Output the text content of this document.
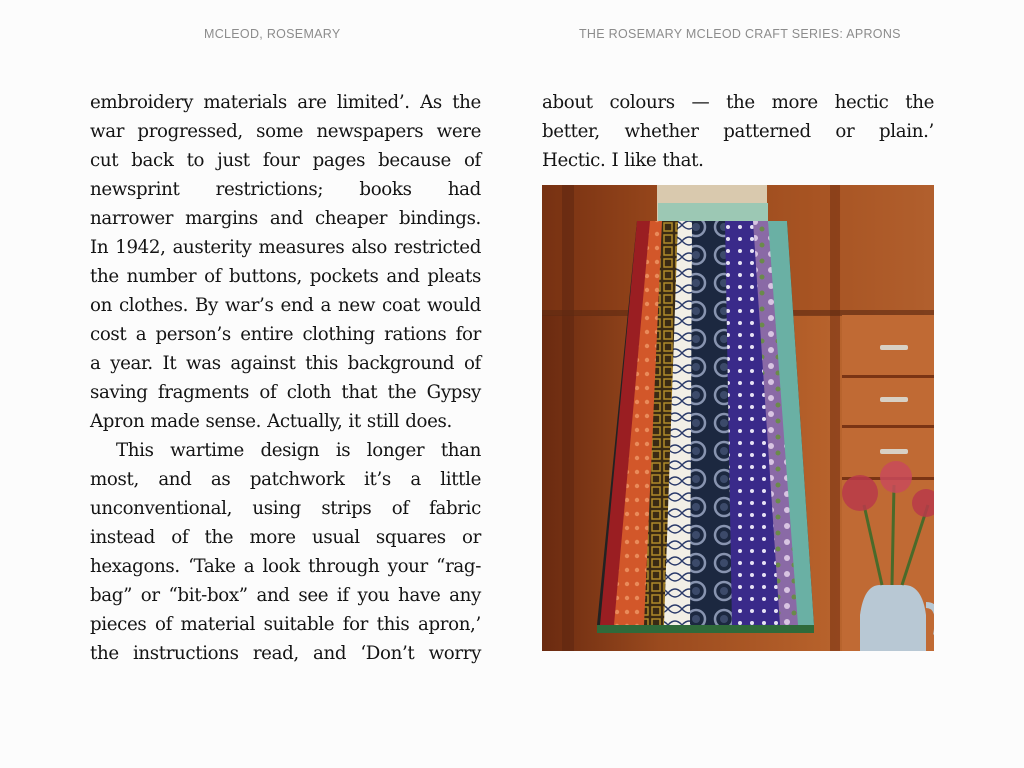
MCLEOD, ROSEMARY	THE ROSEMARY MCLEOD CRAFT SERIES: APRONS
embroidery materials are limited’. As the
war progressed, some newspapers were
cut back to just four pages because of
newsprint restrictions; books had
narrower margins and cheaper bindings.
In 1942, austerity measures also restricted
the number of buttons, pockets and pleats
on clothes. By war’s end a new coat would
cost a person’s entire clothing rations for
a year. It was against this background of
saving fragments of cloth that the Gypsy
Apron made sense. Actually, it still does.
This wartime design is longer than
most, and as patchwork it’s a little
unconventional, using strips of fabric
instead of the more usual squares or
hexagons. ‘Take a look through your “rag-
bag” or “bit-box” and see if you have any
pieces of material suitable for this apron,’
the instructions read, and ‘Don’t worry
about colours — the more hectic the
better, whether patterned or plain.’
Hectic. I like that.
